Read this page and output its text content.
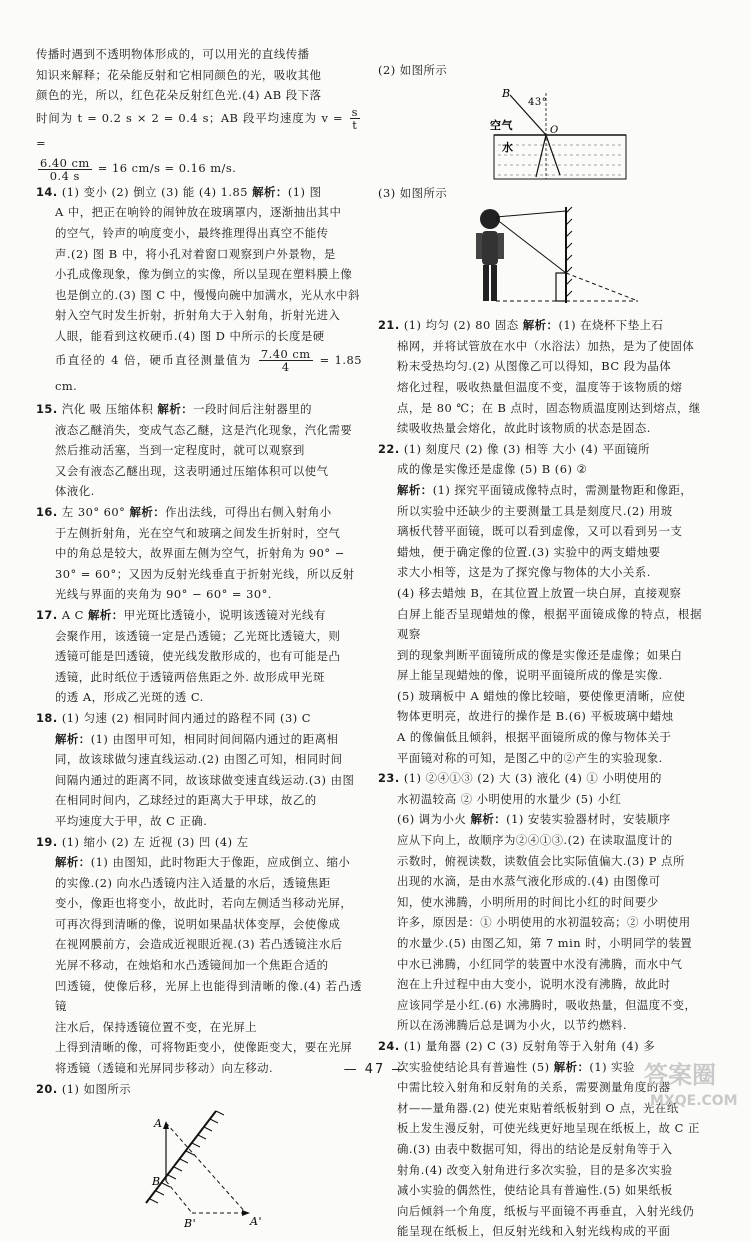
传播时遇到不透明物体形成的，可以用光的直线传播

知识来解释；花朵能反射和它相同颜色的光，吸收其他

颜色的光，所以，红色花朵反射红色光.(4) AB 段下落

时间为 t = 0.2 s × 2 = 0.4 s；AB 段平均速度为 $v = \frac{s}{t}$
=

$\frac{6.40 cm}{0.4 s} = 16$ cm/s = 0.16 m/s.

14. (1) 变小 (2) 倒立 (3) 能 (4) 1.85 解析：(1) 图

A 中，把正在响铃的闹钟放在玻璃罩内，逐渐抽出其中

的空气，铃声的响度变小，最终推理得出真空不能传

声.(2) 图 B 中，将小孔对着窗口观察到户外景物，是

小孔成像现象，像为倒立的实像，所以呈现在塑料膜上像

也是倒立的.(3) 图 C 中，慢慢向碗中加满水，光从水中斜

射入空气时发生折射，折射角大于入射角，折射光进入

人眼，能看到这枚硬币.(4) 图 D 中所示的长度是硬

币直径的 4 倍，硬币直径测量值为 $\frac{7.40 cm}{4} = 1.85$ cm.

15. 汽化 吸 压缩体积 解析：一段时间后注射器里的

液态乙醚消失，变成气态乙醚，这是汽化现象，汽化需要

然后推动活塞，当到一定程度时，就可以观察到

又会有液态乙醚出现，这表明通过压缩体积可以使气

体液化.

16. 左 30° 60° 解析：作出法线，可得出右侧入射角小

于左侧折射角，光在空气和玻璃之间发生折射时，空气

中的角总是较大，故界面左侧为空气，折射角为 90° −

30° = 60°；又因为反射光线垂直于折射光线，所以反射

光线与界面的夹角为 90° − 60° = 30°.

17. A C 解析：甲光斑比透镜小，说明该透镜对光线有

会聚作用，该透镜一定是凸透镜；乙光斑比透镜大，则

透镜可能是凹透镜，使光线发散形成的，也有可能是凸

透镜，此时纸位于透镜两倍焦距之外. 故形成甲光斑

的透 A，形成乙光斑的透 C.

18. (1) 匀速 (2) 相同时间内通过的路程不同 (3) C

解析：(1) 由图甲可知，相同时间间隔内通过的距离相

同，故该球做匀速直线运动.(2) 由图乙可知，相同时间

间隔内通过的距离不同，故该球做变速直线运动.(3) 由图

在相同时间内，乙球经过的距离大于甲球，故乙的

平均速度大于甲，故 C 正确.

19. (1) 缩小 (2) 左 近视 (3) 凹 (4) 左

解析：(1) 由图知，此时物距大于像距，应成倒立、缩小

的实像.(2) 向水凸透镜内注入适量的水后，透镜焦距

变小，像距也将变小，故此时，若向左侧适当移动光屏，

可再次得到清晰的像，说明如果晶状体变厚，会使像成

在视网膜前方，会造成近视眼近视.(3) 若凸透镜注水后

光屏不移动，在烛焰和水凸透镜间加一个焦距合适的

凹透镜，使像后移，光屏上也能得到清晰的像.(4) 若凸透镜

注水后，保持透镜位置不变，在光屏上

上得到清晰的像，可将物距变小，使像距变大，要在光屏

将透镜（透镜和光屏同步移动）向左移动.

20. (1) 如图所示

A
B
B'	A'

(2) 如图所示

B
43°
空气
水
O

(3) 如图所示

21. (1) 均匀 (2) 80 固态 解析：(1) 在烧杯下垫上石

棉网，并将试管放在水中（水浴法）加热，是为了使固体

粉末受热均匀.(2) 从图像乙可以得知，BC 段为晶体

熔化过程，吸收热量但温度不变，温度等于该物质的熔

点，是 80 ℃；在 B 点时，固态物质温度刚达到熔点，继

续吸收热量会熔化，故此时该物质的状态是固态.

22. (1) 刻度尺 (2) 像 (3) 相等 大小 (4) 平面镜所

成的像是实像还是虚像 (5) B (6) ②

解析：(1) 探究平面镜成像特点时，需测量物距和像距，

所以实验中还缺少的主要测量工具是刻度尺.(2) 用玻

璃板代替平面镜，既可以看到虚像，又可以看到另一支

蜡烛，便于确定像的位置.(3) 实验中的两支蜡烛要

求大小相等，这是为了探究像与物体的大小关系.

(4) 移去蜡烛 B，在其位置上放置一块白屏，直接观察

白屏上能否呈现蜡烛的像，根据平面镜成像的特点，根据观察

到的现象判断平面镜所成的像是实像还是虚像；如果白

屏上能呈现蜡烛的像，说明平面镜所成的像是实像.

(5) 玻璃板中 A 蜡烛的像比较暗，要使像更清晰，应使

物体更明亮，故进行的操作是 B.(6) 平板玻璃中蜡烛

A 的像偏低且倾斜，根据平面镜所成的像与物体关于

平面镜对称的可知，是图乙中的②产生的实验现象.

23. (1) ②④①③ (2) 大 (3) 液化 (4) ① 小明使用的

水初温较高 ② 小明使用的水量少 (5) 小红

(6) 调为小火 解析：(1) 安装实验器材时，安装顺序

应从下向上，故顺序为②④①③.(2) 在读取温度计的

示数时，俯视读数，读数值会比实际值偏大.(3) P 点所

出现的水滴，是由水蒸气液化形成的.(4) 由图像可

知，使水沸腾，小明所用的时间比小红的时间要少

许多，原因是：① 小明使用的水初温较高；② 小明使用

的水量少.(5) 由图乙知，第 7 min 时，小明同学的装置

中水已沸腾，小红同学的装置中水没有沸腾，而水中气

泡在上升过程中由大变小，说明水没有沸腾，故此时

应该同学是小红.(6) 水沸腾时，吸收热量，但温度不变，

所以在汤沸腾后总是调为小火，以节约燃料.

24. (1) 量角器 (2) C (3) 反射角等于入射角 (4) 多

次实验使结论具有普遍性 (5) 解析：(1) 实验

中需比较入射角和反射角的关系，需要测量角度的器

材——量角器.(2) 使光束贴着纸板射到 O 点，光在纸

板上发生漫反射，可使光线更好地呈现在纸板上，故 C 正

确.(3) 由表中数据可知，得出的结论是反射角等于入

射角.(4) 改变入射角进行多次实验，目的是多次实验

减小实验的偶然性，使结论具有普遍性.(5) 如果纸板

向后倾斜一个角度，纸板与平面镜不再垂直，入射光线仍

能呈现在纸板上，但反射光线和入射光线构成的平面

— 47 —	答案圈
MXQE.COM
